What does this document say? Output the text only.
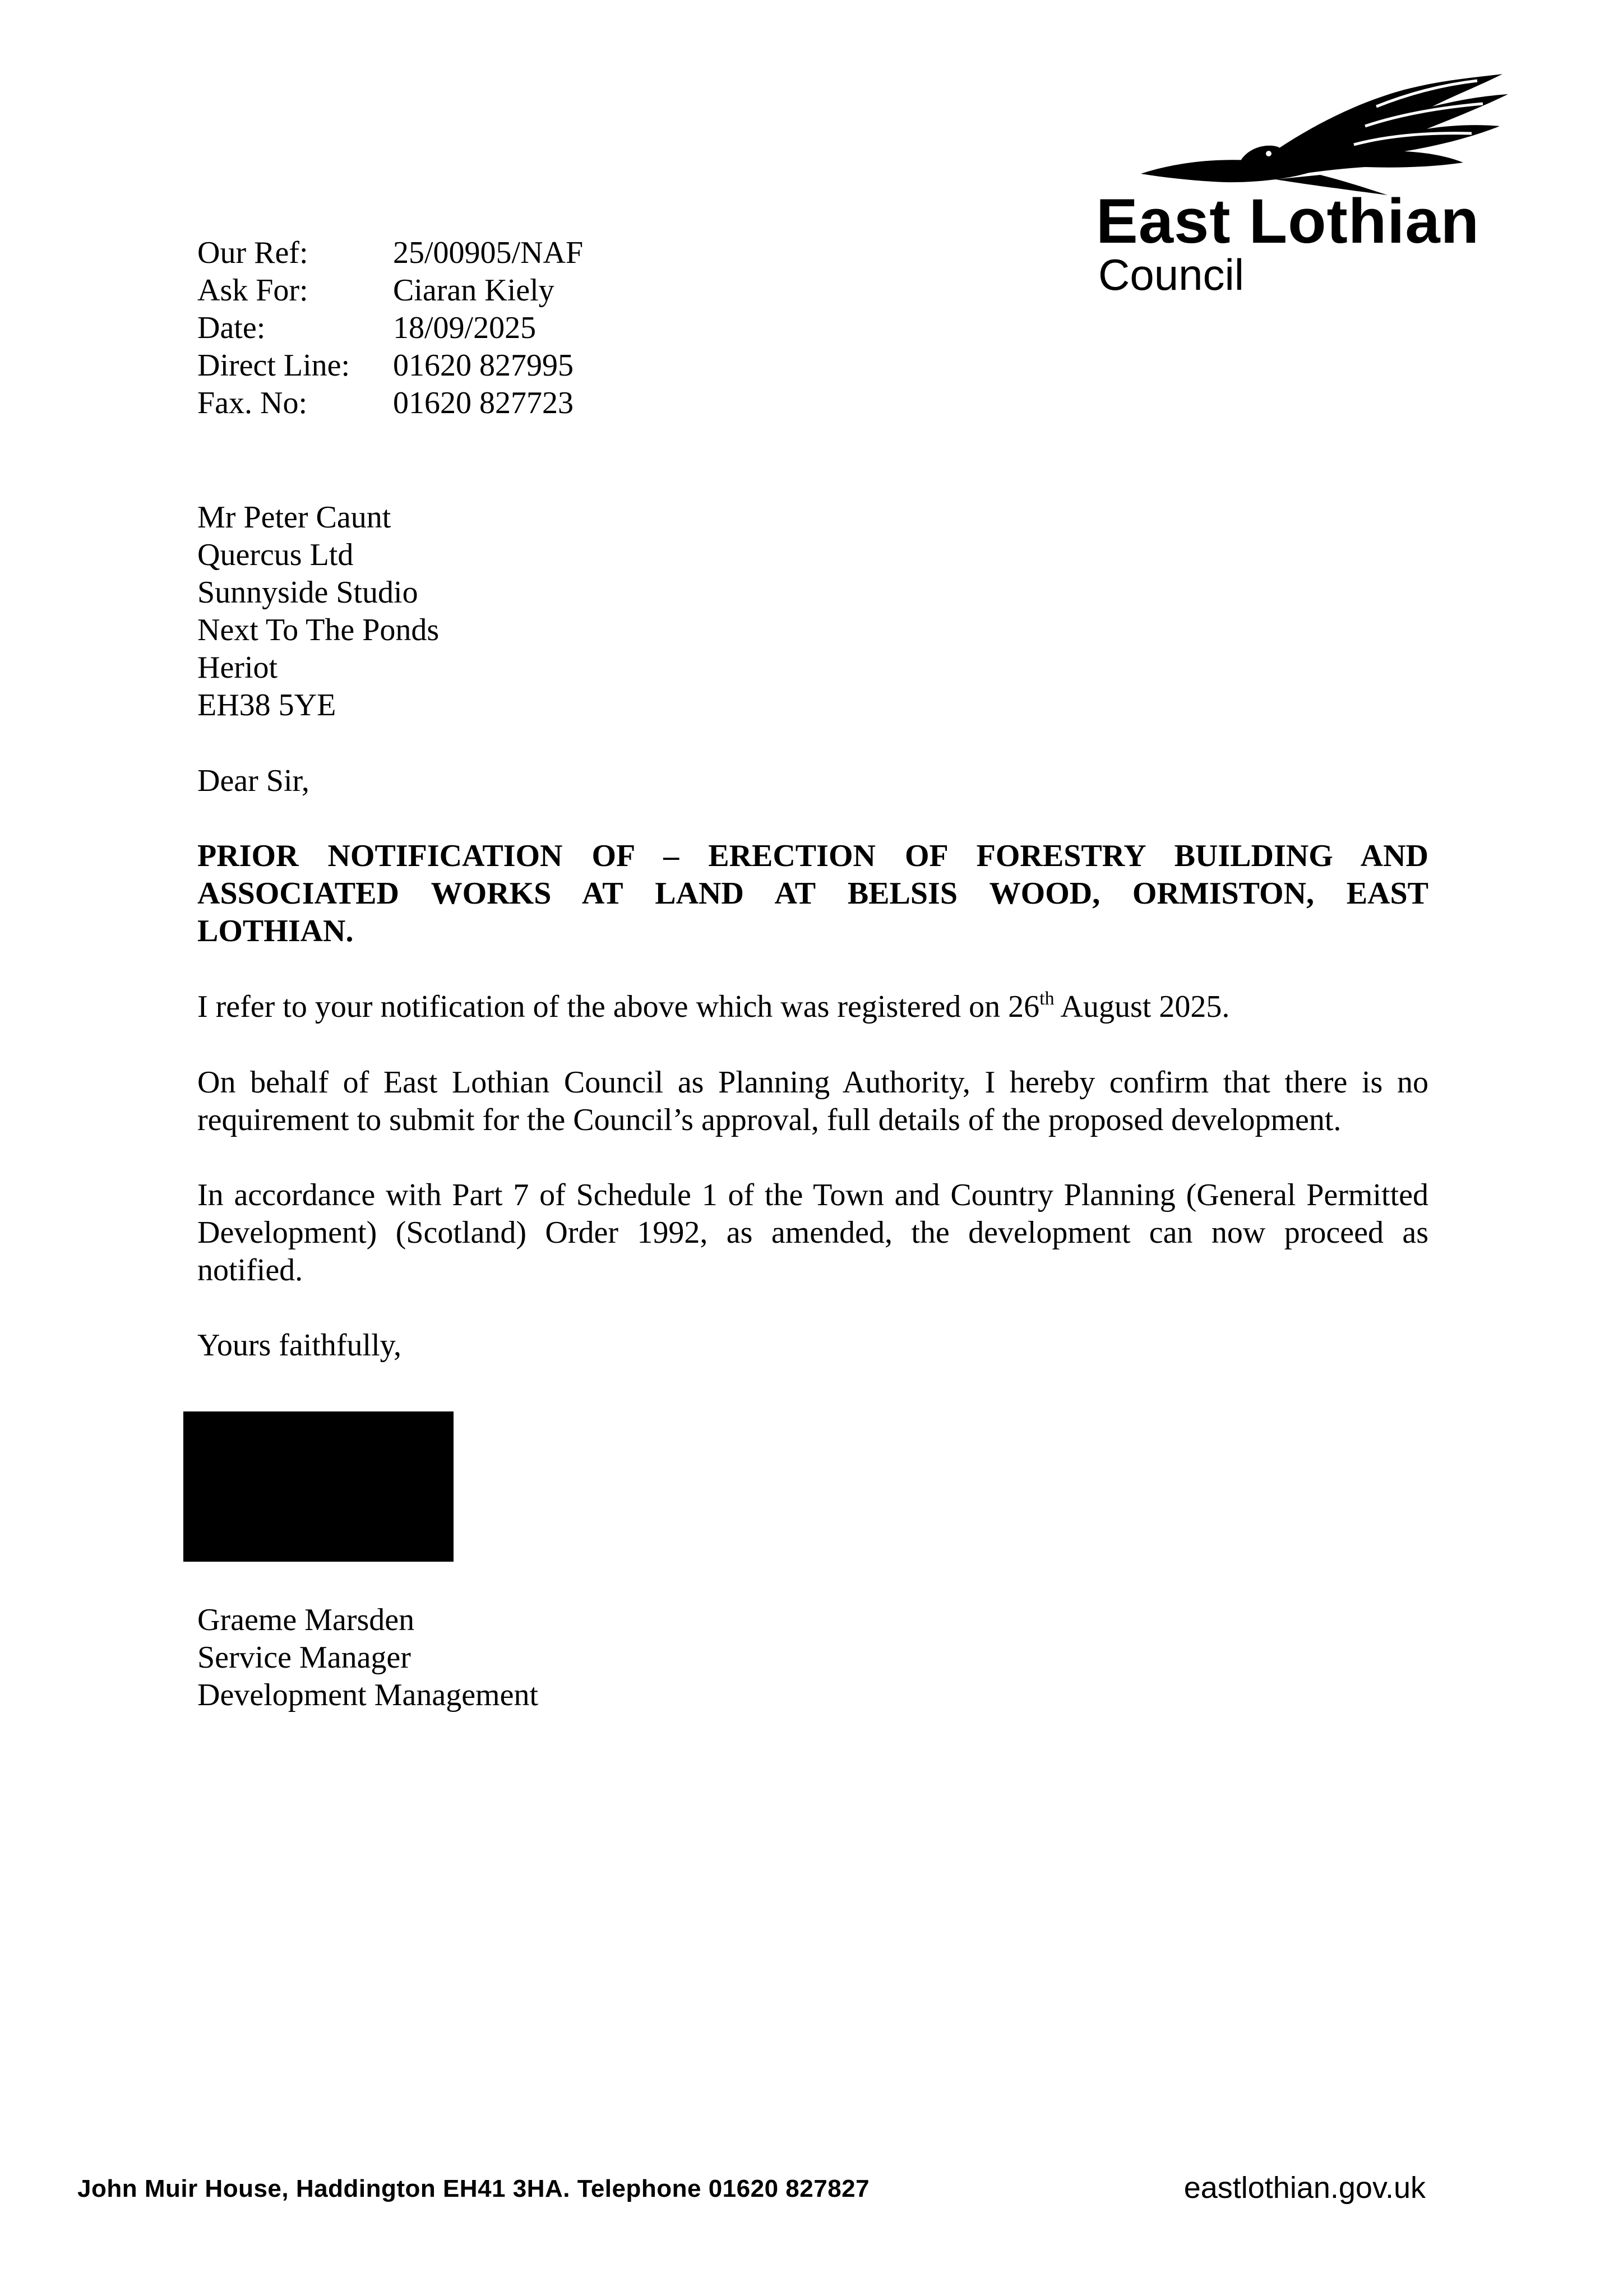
East Lothian
Council
Our Ref:	25/00905/NAF
Ask For:	Ciaran Kiely
Date:	18/09/2025
Direct Line:	01620 827995
Fax. No:	01620 827723
Mr Peter Caunt
Quercus Ltd
Sunnyside Studio
Next To The Ponds
Heriot
EH38 5YE
Dear Sir,
PRIOR NOTIFICATION OF – ERECTION OF FORESTRY BUILDING AND
ASSOCIATED WORKS AT LAND AT BELSIS WOOD, ORMISTON, EAST
LOTHIAN.
I refer to your notification of the above which was registered on 26th August 2025.
On behalf of East Lothian Council as Planning Authority, I hereby confirm that there is no
requirement to submit for the Council’s approval, full details of the proposed development.
In accordance with Part 7 of Schedule 1 of the Town and Country Planning (General Permitted
Development) (Scotland) Order 1992, as amended, the development can now proceed as
notified.
Yours faithfully,
Graeme Marsden
Service Manager
Development Management
John Muir House, Haddington EH41 3HA. Telephone 01620 827827	eastlothian.gov.uk
